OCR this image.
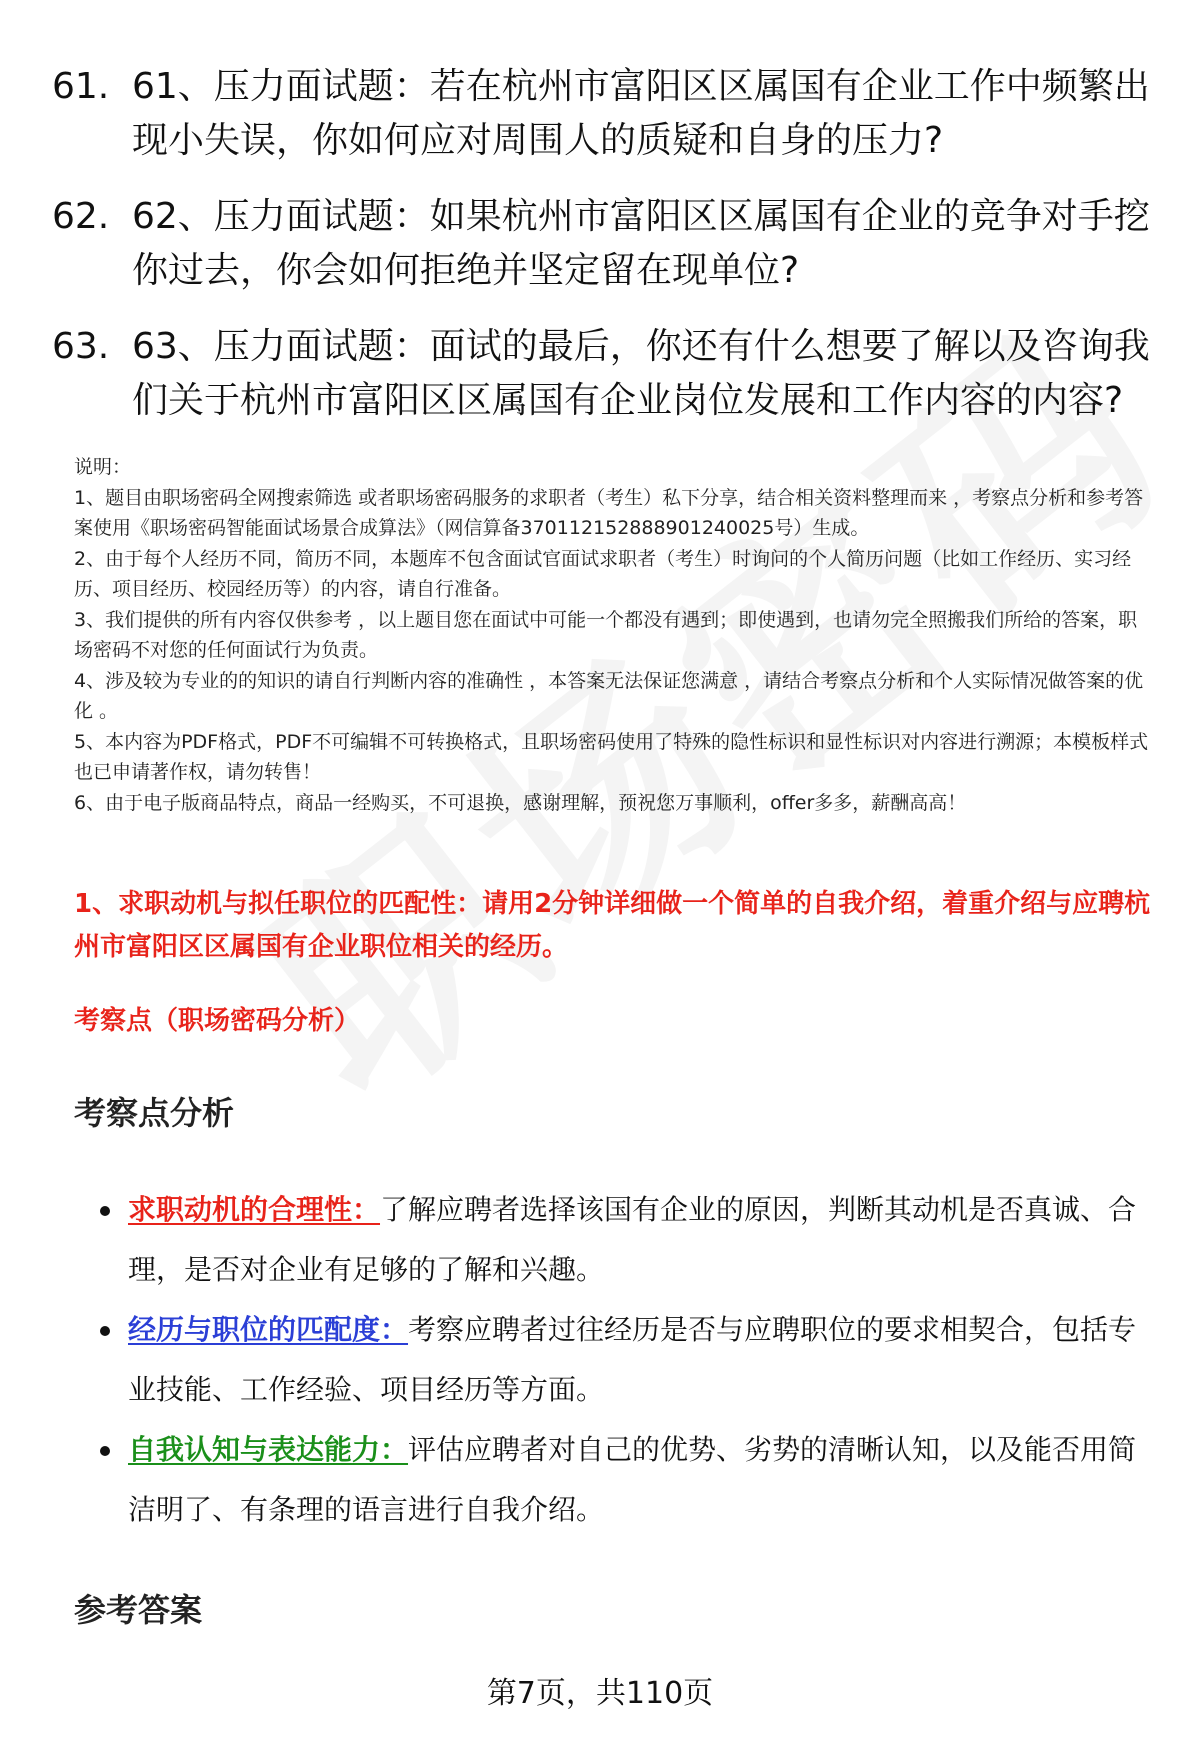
61. 61、压力面试题：若在杭州市富阳区区属国有企业工作中频繁出现小失误，你如何应对周围人的质疑和自身的压力?
62. 62、压力面试题：如果杭州市富阳区区属国有企业的竞争对手挖你过去，你会如何拒绝并坚定留在现单位?
63. 63、压力面试题：面试的最后，你还有什么想要了解以及咨询我们关于杭州市富阳区区属国有企业岗位发展和工作内容的内容?

说明：

1、题目由职场密码全网搜索筛选 或者职场密码服务的求职者（考生）私下分享，结合相关资料整理而来 ，考察点分析和参考答案使用《职场密码智能面试场景合成算法》（网信算备370112152888901240025号）生成。

2、由于每个人经历不同，简历不同，本题库不包含面试官面试求职者（考生）时询问的个人简历问题（比如工作经历、实习经历、项目经历、校园经历等）的内容，请自行准备。

3、我们提供的所有内容仅供参考 ，以上题目您在面试中可能一个都没有遇到；即使遇到，也请勿完全照搬我们所给的答案，职场密码不对您的任何面试行为负责。

4、涉及较为专业的的知识的请自行判断内容的准确性 ，本答案无法保证您满意 ，请结合考察点分析和个人实际情况做答案的优化 。

5、本内容为PDF格式，PDF不可编辑不可转换格式，且职场密码使用了特殊的隐性标识和显性标识对内容进行溯源；本模板样式也已申请著作权，请勿转售！

6、由于电子版商品特点，商品一经购买，不可退换，感谢理解，预祝您万事顺利，offer多多，薪酬高高！

1、求职动机与拟任职位的匹配性：请用2分钟详细做一个简单的自我介绍，着重介绍与应聘杭州市富阳区区属国有企业职位相关的经历。
考察点（职场密码分析）
考察点分析
求职动机的合理性：了解应聘者选择该国有企业的原因，判断其动机是否真诚、合理，是否对企业有足够的了解和兴趣。
经历与职位的匹配度：考察应聘者过往经历是否与应聘职位的要求相契合，包括专业技能、工作经验、项目经历等方面。
自我认知与表达能力：评估应聘者对自己的优势、劣势的清晰认知，以及能否用简洁明了、有条理的语言进行自我介绍。
参考答案
第7页，共110页
